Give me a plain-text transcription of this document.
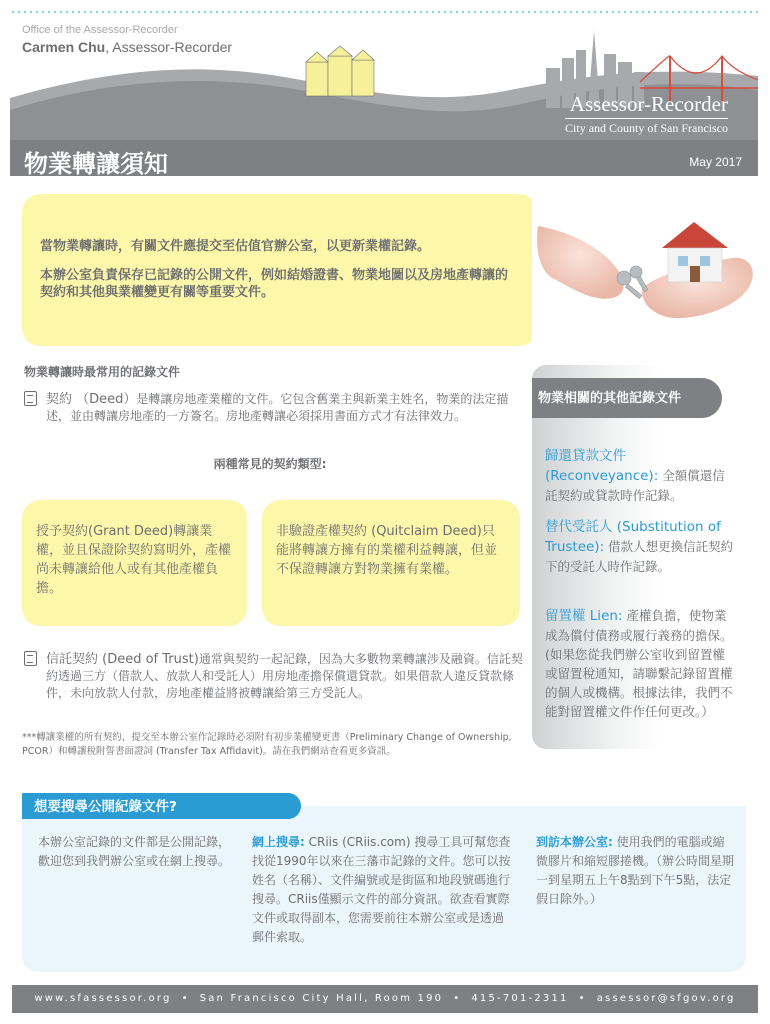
Office of the Assessor-Recorder
Carmen Chu, Assessor-Recorder
Assessor-Recorder
City and County of San Francisco
物業轉讓須知	May 2017
當物業轉讓時，有關文件應提交至估值官辦公室，以更新業權記錄。
本辦公室負責保存已記錄的公開文件，例如結婚證書、物業地圖以及房地產轉讓的契約和其他與業權變更有關等重要文件。
物業轉讓時最常用的記錄文件
契約 （Deed）是轉讓房地產業權的文件。它包含舊業主與新業主姓名，物業的法定描述，並由轉讓房地產的一方簽名。房地產轉讓必須採用書面方式才有法律效力。
兩種常見的契約類型:
授予契約(Grant Deed)轉讓業權，並且保證除契約寫明外，產權尚未轉讓給他人或有其他產權負擔。
非驗證產權契約 (Quitclaim Deed)只能將轉讓方擁有的業權利益轉讓，但並不保證轉讓方對物業擁有業權。
信託契約 (Deed of Trust)通常與契約一起記錄，因為大多數物業轉讓涉及融資。信託契約透過三方（借款人、放款人和受託人）用房地產擔保償還貸款。如果借款人違反貸款條件，未向放款人付款，房地產權益將被轉讓給第三方受託人。
***轉讓業權的所有契約，提交至本辦公室作記錄時必須附有初步業權變更書（Preliminary Change of Ownership, PCOR）和轉讓稅附誓書面證詞 (Transfer Tax Affidavit)。請在我們網站查看更多資訊。
物業相關的其他記錄文件
歸還貸款文件 (Reconveyance): 全額償還信託契約或貸款時作記錄。
替代受託人 (Substitution of Trustee): 借款人想更換信託契約下的受託人時作記錄。
留置權 Lien: 產權負擔，使物業成為償付債務或履行義務的擔保。(如果您從我們辦公室收到留置權或留置稅通知，請聯繫記錄留置權的個人或機構。根據法律，我們不能對留置權文件作任何更改。）
想要搜尋公開紀錄文件?
本辦公室記錄的文件都是公開記錄，歡迎您到我們辦公室或在網上搜尋。
網上搜尋: CRiis (CRiis.com) 搜尋工具可幫您查找從1990年以來在三藩市記錄的文件。您可以按姓名（名稱）、文件編號或是街區和地段號碼進行搜尋。CRiis僅顯示文件的部分資訊。欲查看實際文件或取得副本，您需要前往本辦公室或是透過郵件索取。
到訪本辦公室: 使用我們的電腦或縮微膠片和縮短膠捲機。（辦公時間星期一到星期五上午8點到下午5點，法定假日除外。）
www.sfassessor.org • San Francisco City Hall, Room 190 • 415-701-2311 • assessor@sfgov.org
